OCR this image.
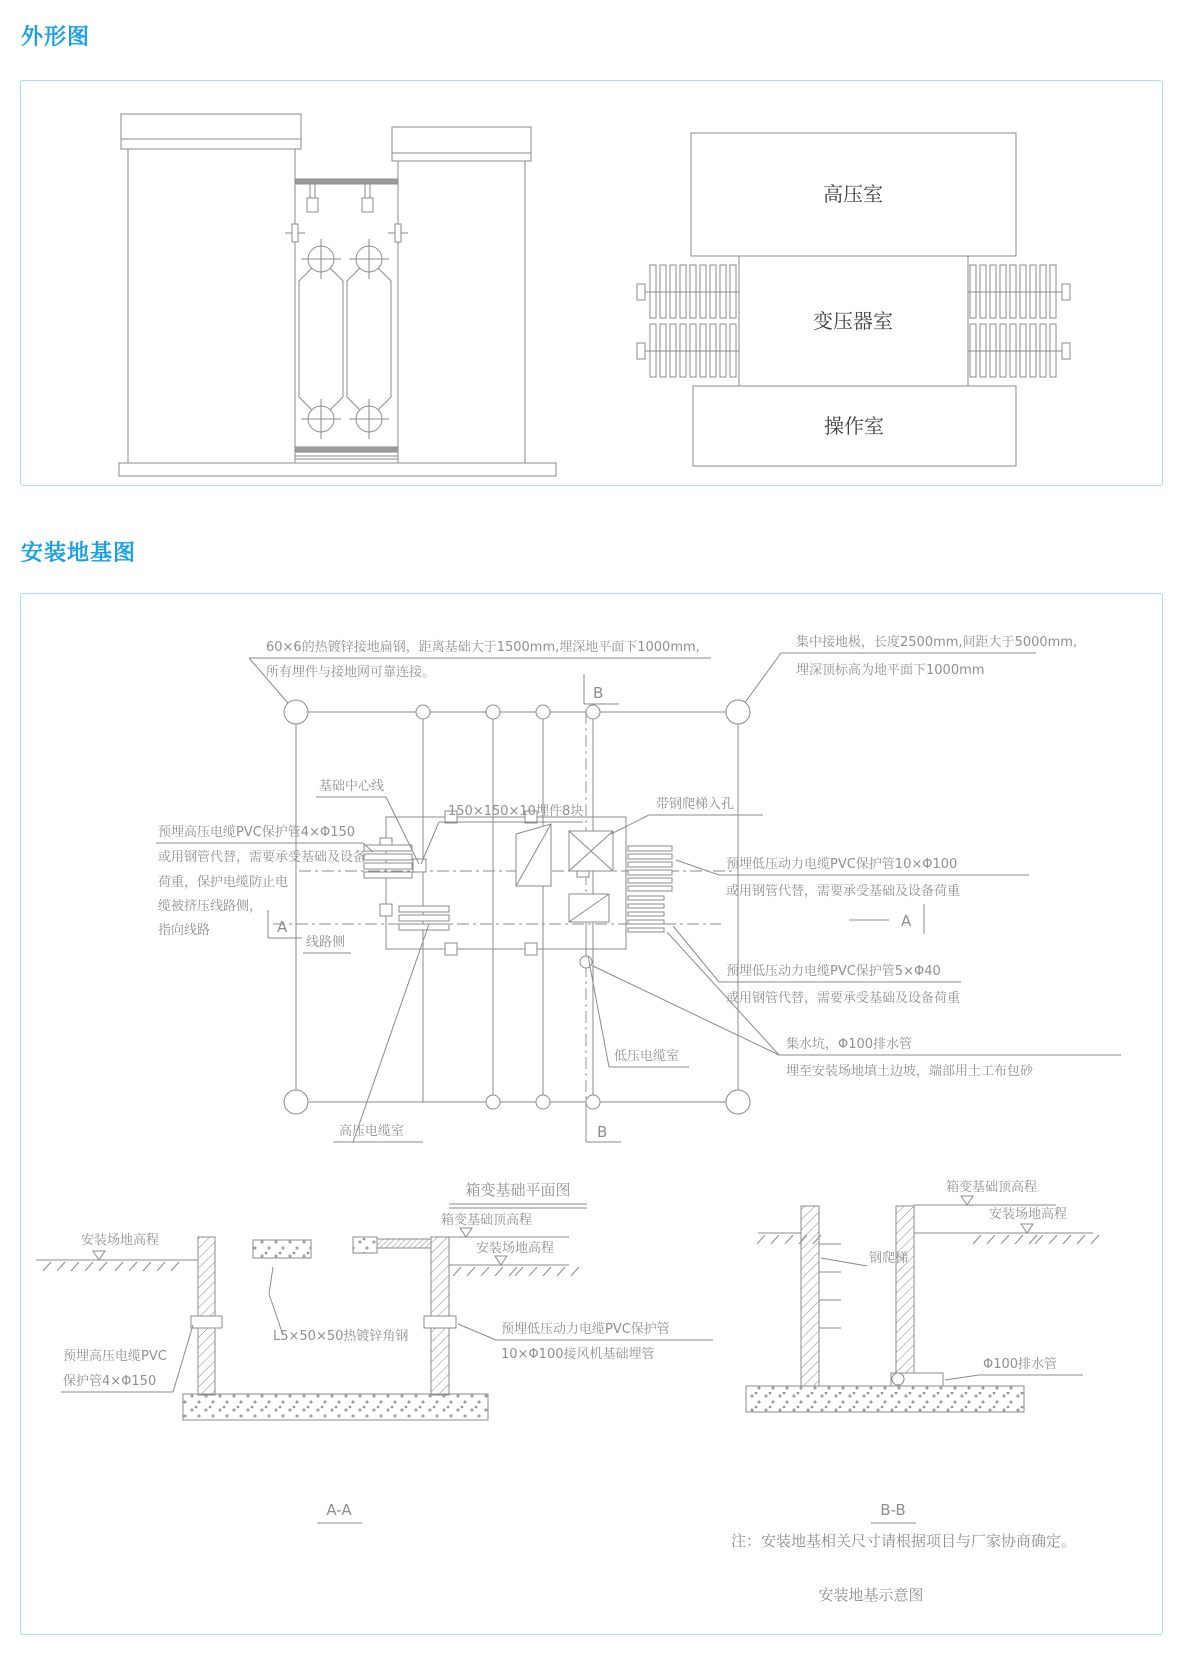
外形图
高压室
变压器室
操作室
安装地基图
60×6的热镀锌接地扁钢，距离基础大于1500mm,埋深地平面下1000mm,
所有埋件与接地网可靠连接。
集中接地极，长度2500mm,间距大于5000mm,
埋深顶标高为地平面下1000mm
B
B
基础中心线
150×150×10埋件8块	带钢爬梯入孔
预埋高压电缆PVC保护管4×Φ150
或用钢管代替，需要承受基础及设备
荷重，保护电缆防止电
缆被挤压线路侧，
指向线路	A
线路侧
预埋低压动力电缆PVC保护管10×Φ100
或用钢管代替，需要承受基础及设备荷重
A
预埋低压动力电缆PVC保护管5×Φ40
或用钢管代替，需要承受基础及设备荷重
集水坑，Φ100排水管
埋至安装场地填土边坡，端部用土工布包砂
低压电缆室
高压电缆室
箱变基础平面图
安装场地高程
箱变基础顶高程
安装场地高程
L5×50×50热镀锌角钢
预埋高压电缆PVC
保护管4×Φ150
预埋低压动力电缆PVC保护管
10×Φ100接风机基础埋管
A-A
箱变基础顶高程
安装场地高程
钢爬梯
Φ100排水管
B-B
注：安装地基相关尺寸请根据项目与厂家协商确定。
安装地基示意图
